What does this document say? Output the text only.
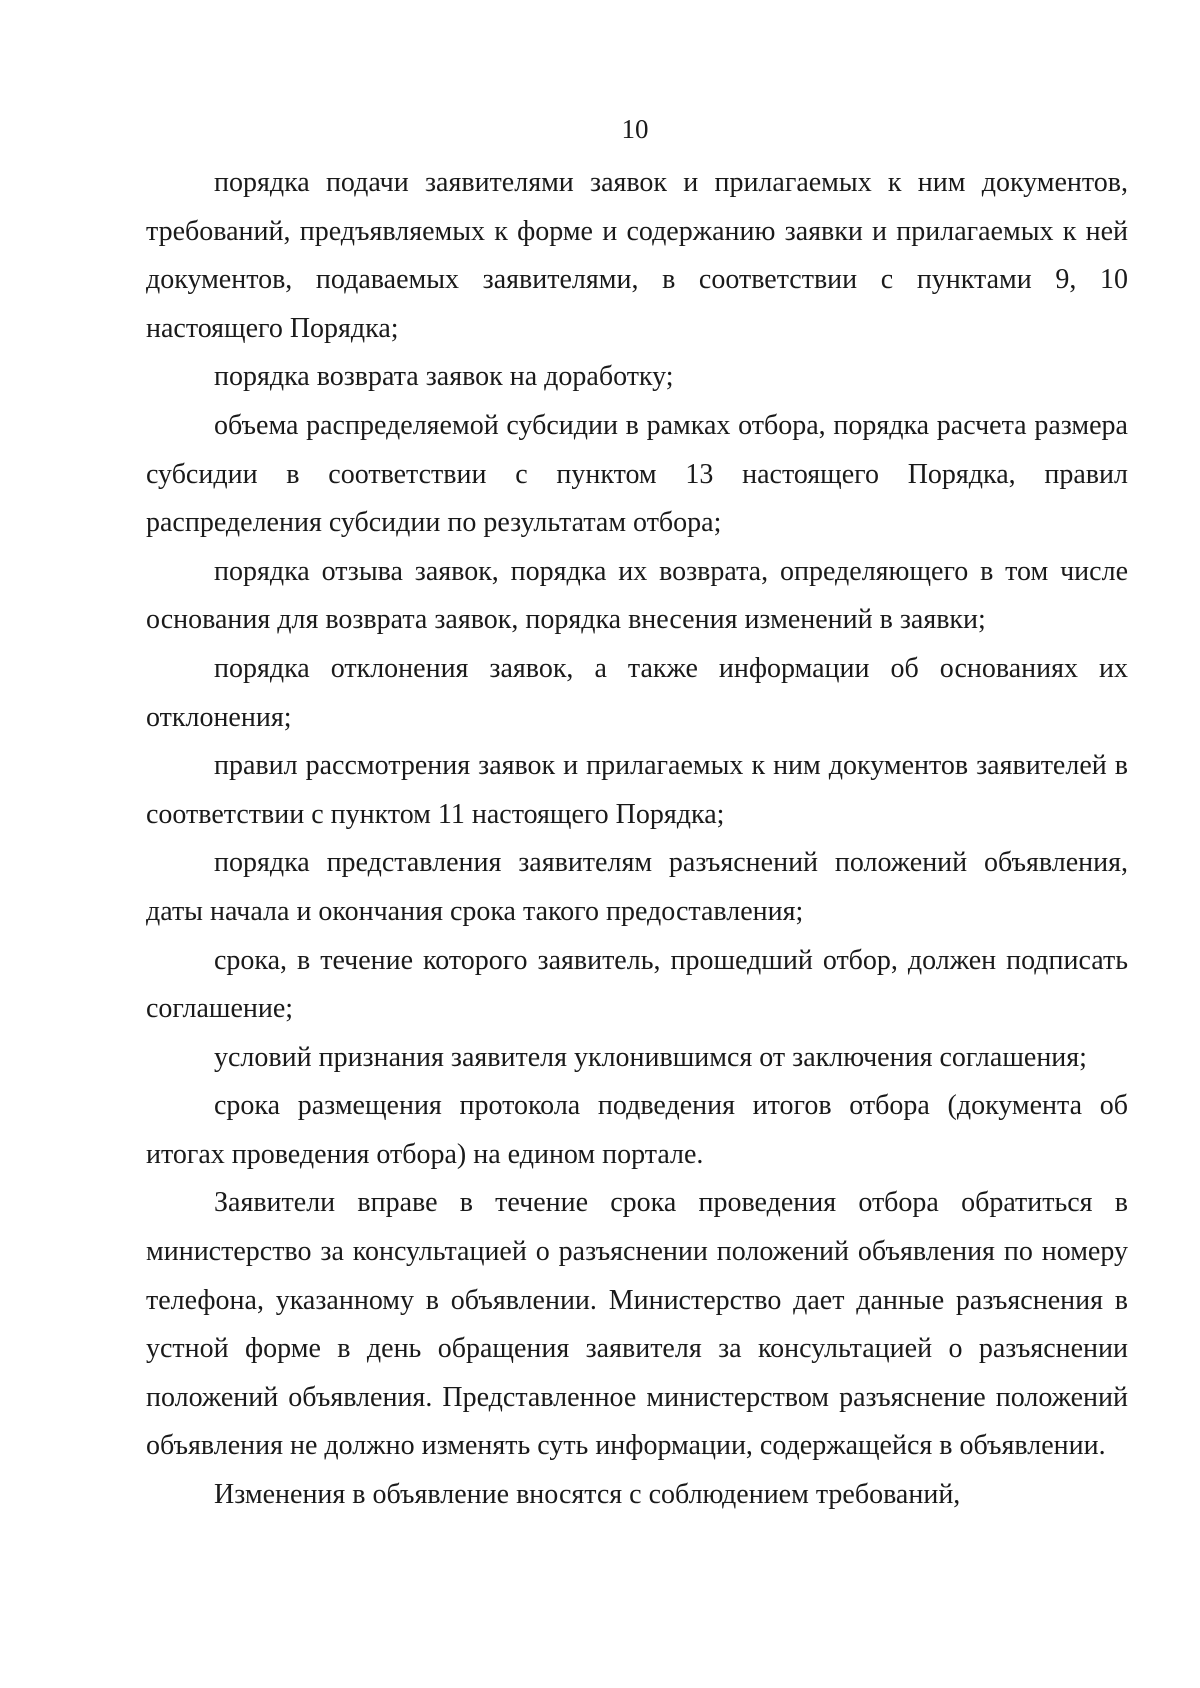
10

порядка подачи заявителями заявок и прилагаемых к ним документов, требований, предъявляемых к форме и содержанию заявки и прилагаемых к ней документов, подаваемых заявителями, в соответствии с пунктами 9, 10 настоящего Порядка;

порядка возврата заявок на доработку;

объема распределяемой субсидии в рамках отбора, порядка расчета размера субсидии в соответствии с пунктом 13 настоящего Порядка, правил распределения субсидии по результатам отбора;

порядка отзыва заявок, порядка их возврата, определяющего в том числе основания для возврата заявок, порядка внесения изменений в заявки;

порядка отклонения заявок, а также информации об основаниях их отклонения;

правил рассмотрения заявок и прилагаемых к ним документов заявителей в соответствии с пунктом 11 настоящего Порядка;

порядка представления заявителям разъяснений положений объявления, даты начала и окончания срока такого предоставления;

срока, в течение которого заявитель, прошедший отбор, должен подписать соглашение;

условий признания заявителя уклонившимся от заключения соглашения;

срока размещения протокола подведения итогов отбора (документа об итогах проведения отбора) на едином портале.

Заявители вправе в течение срока проведения отбора обратиться в министерство за консультацией о разъяснении положений объявления по номеру телефона, указанному в объявлении. Министерство дает данные разъяснения в устной форме в день обращения заявителя за консультацией о разъяснении положений объявления. Представленное министерством разъяснение положений объявления не должно изменять суть информации, содержащейся в объявлении.

Изменения в объявление вносятся с соблюдением требований,
